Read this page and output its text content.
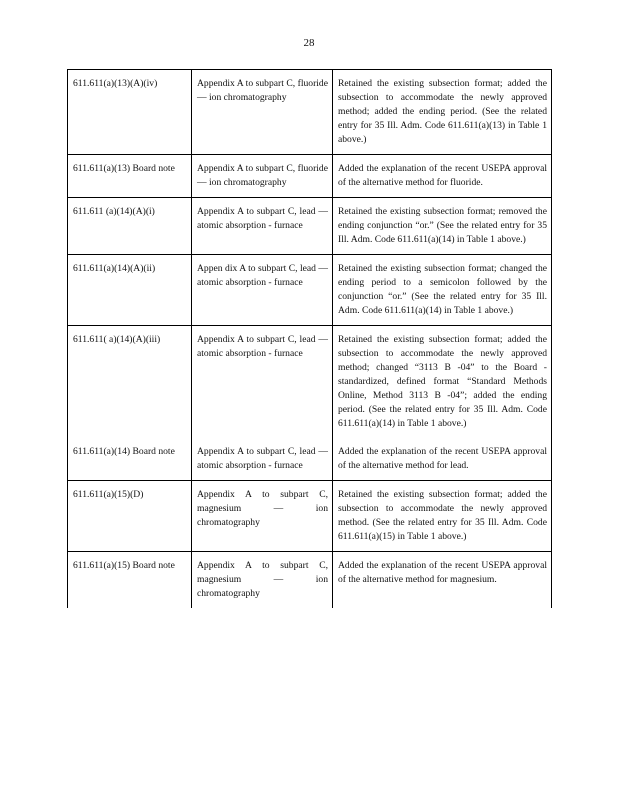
28
611.611(a)(13)(A)(iv)	Appendix A to subpart C, fluoride — ion chromatography	Retained the existing subsection format; added the subsection to accommodate the newly approved method; added the ending period. (See the related entry for 35 Ill. Adm. Code 611.611(a)(13) in Table 1 above.)
611.611(a)(13) Board note	Appendix A to subpart C, fluoride — ion chromatography	Added the explanation of the recent USEPA approval of the alternative method for fluoride.
611.611 (a)(14)(A)(i)	Appendix A to subpart C, lead — atomic absorption - furnace	Retained the existing subsection format; removed the ending conjunction “or.” (See the related entry for 35 Ill. Adm. Code 611.611(a)(14) in Table 1 above.)
611.611(a)(14)(A)(ii)	Appen dix A to subpart C, lead — atomic absorption - furnace	Retained the existing subsection format; changed the ending period to a semicolon followed by the conjunction “or.” (See the related entry for 35 Ill. Adm. Code 611.611(a)(14) in Table 1 above.)
611.611( a)(14)(A)(iii)	Appendix A to subpart C, lead — atomic absorption - furnace	Retained the existing subsection format; added the subsection to accommodate the newly approved method; changed “3113 B -04” to the Board -standardized, defined format “Standard Methods Online, Method 3113 B -04”; added the ending period. (See the related entry for 35 Ill. Adm. Code 611.611(a)(14) in Table 1 above.)
611.611(a)(14) Board note	Appendix A to subpart C, lead — atomic absorption - furnace	Added the explanation of the recent USEPA approval of the alternative method for lead.
611.611(a)(15)(D)	Appendix A to subpart C, magnesium — ion chromatography	Retained the existing subsection format; added the subsection to accommodate the newly approved method. (See the related entry for 35 Ill. Adm. Code 611.611(a)(15) in Table 1 above.)
611.611(a)(15) Board note	Appendix A to subpart C, magnesium — ion chromatography	Added the explanation of the recent USEPA approval of the alternative method for magnesium.
